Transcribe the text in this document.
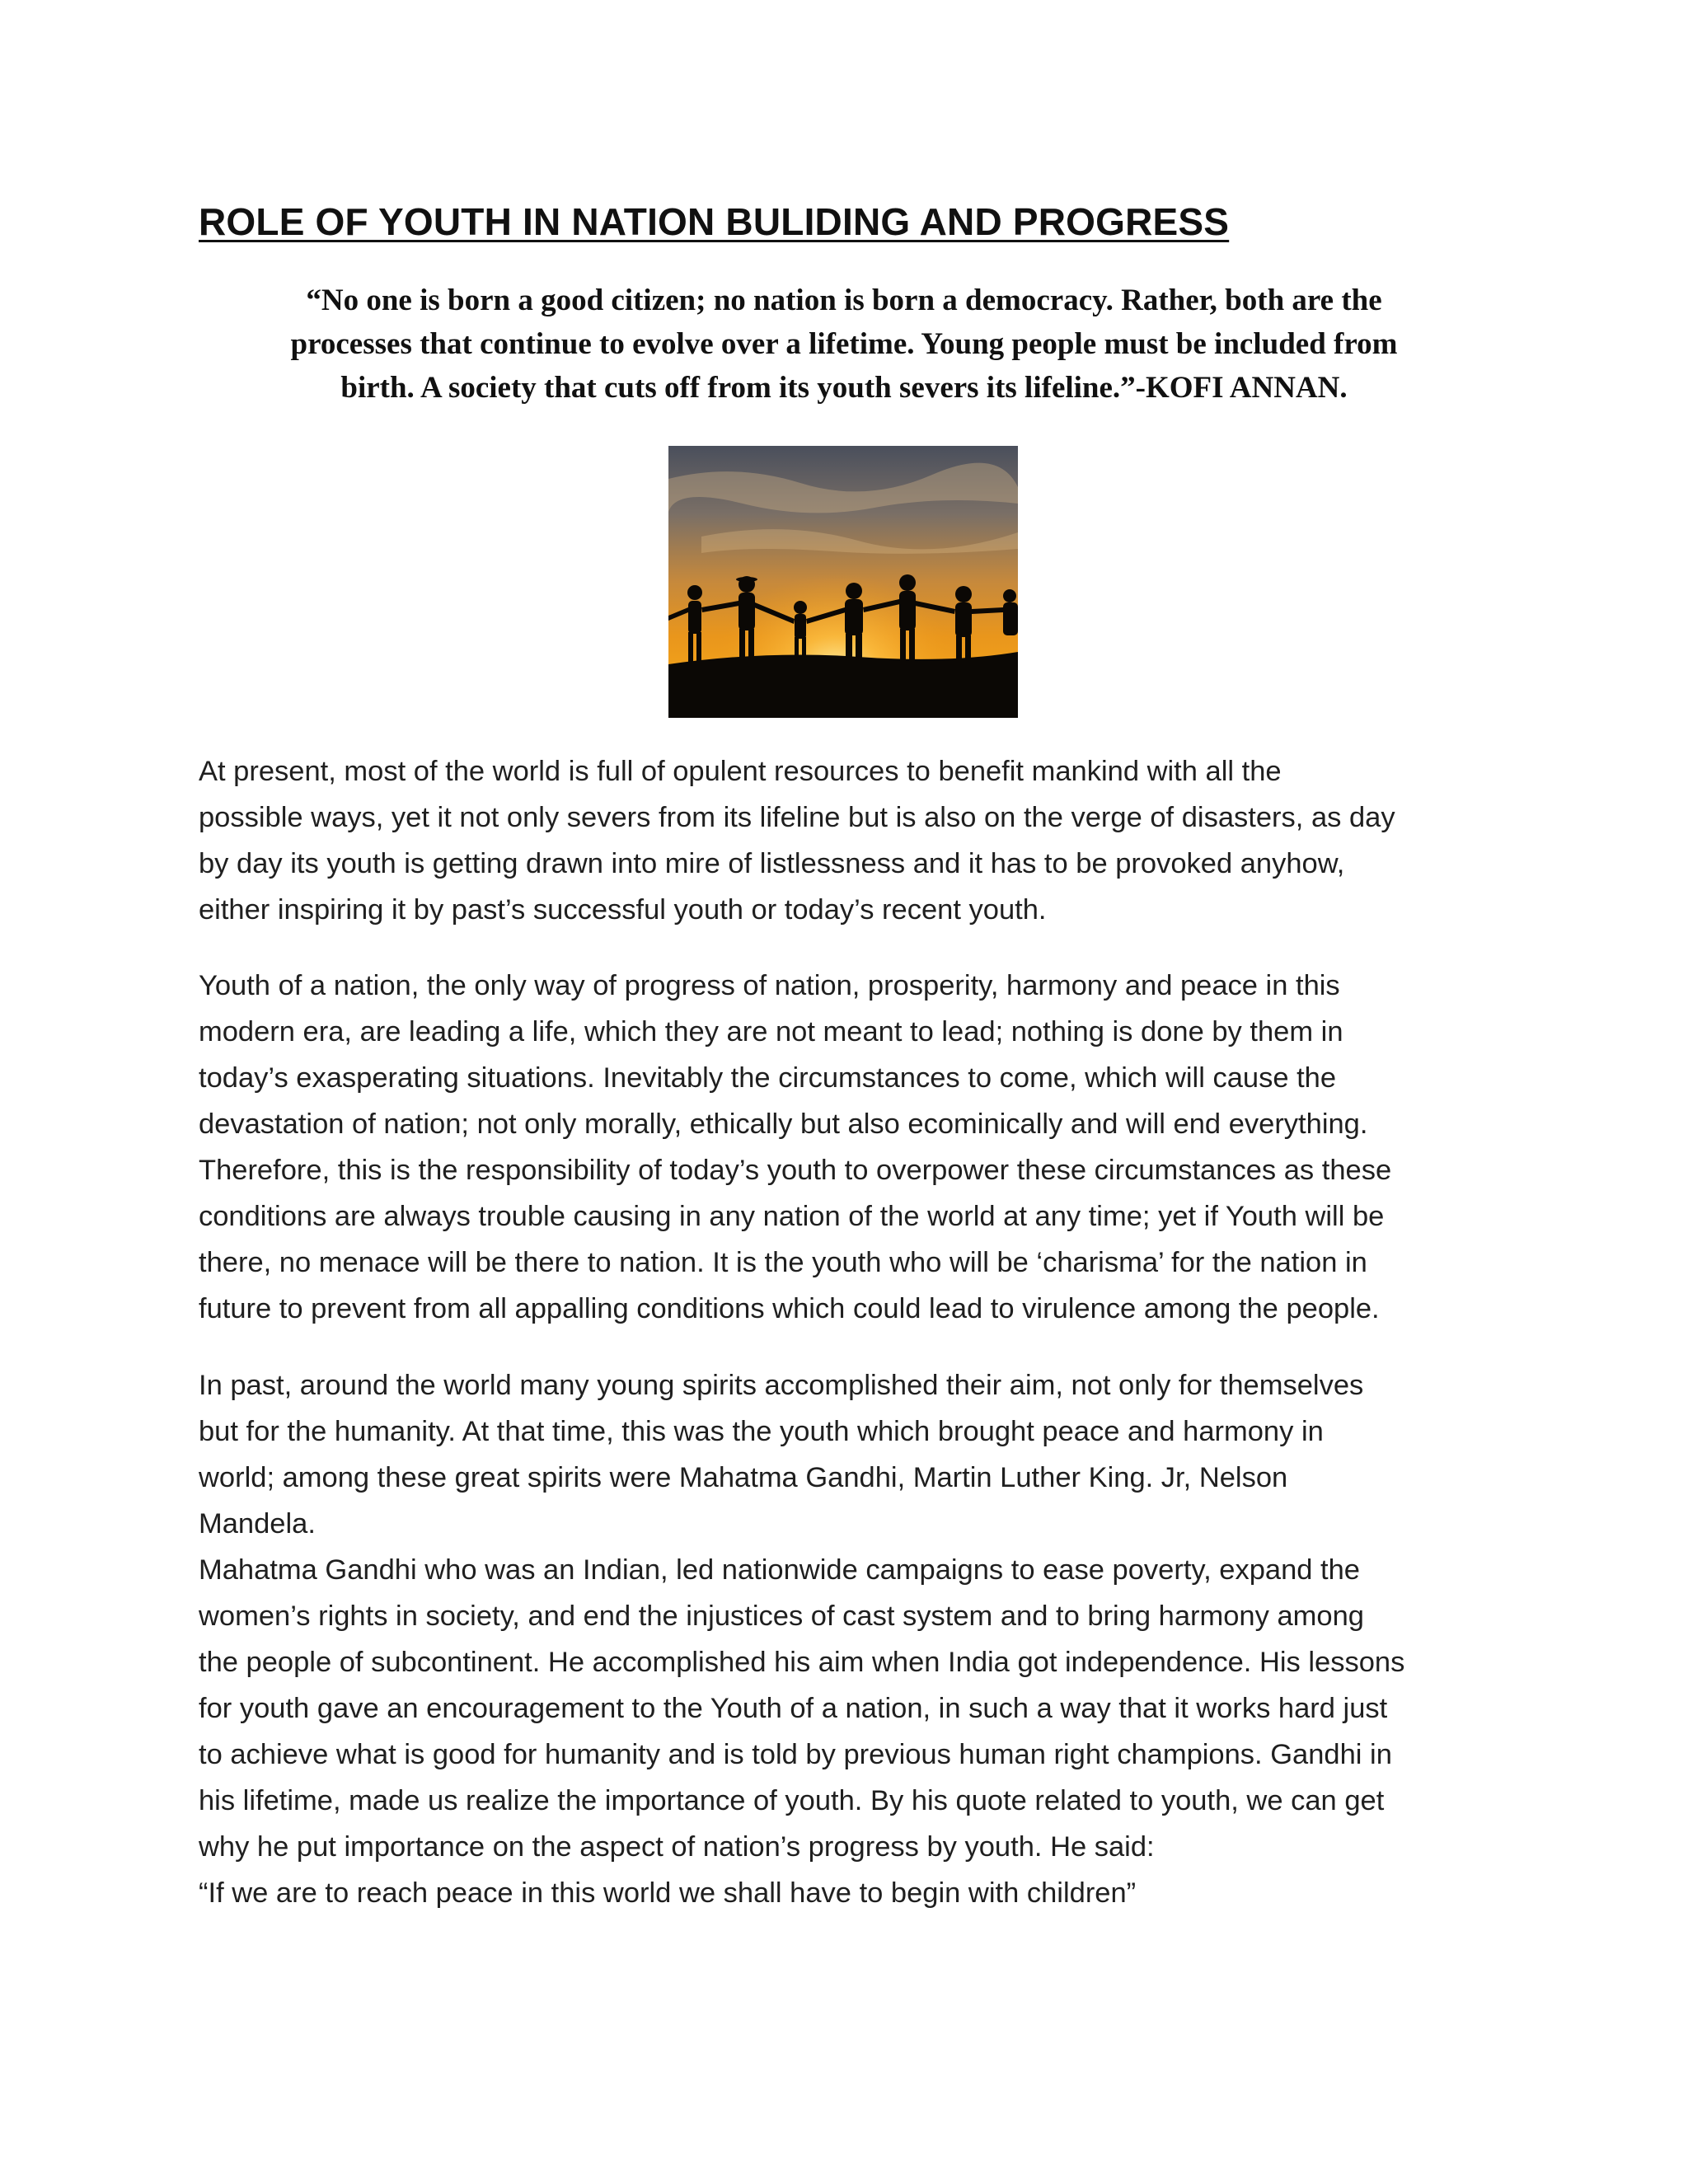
ROLE OF YOUTH IN NATION BULIDING AND PROGRESS

“No one is born a good citizen; no nation is born a democracy. Rather, both are the
processes that continue to evolve over a lifetime. Young people must be included from
birth. A society that cuts off from its youth severs its lifeline.”-KOFI ANNAN.

At present, most of the world is full of opulent resources to benefit mankind with all the
possible ways, yet it not only severs from its lifeline but is also on the verge of disasters, as day
by day its youth is getting drawn into mire of listlessness and it has to be provoked anyhow,
either inspiring it by past’s successful youth or today’s recent youth.

Youth of a nation, the only way of progress of nation, prosperity, harmony and peace in this
modern era, are leading a life, which they are not meant to lead; nothing is done by them in
today’s exasperating situations. Inevitably the circumstances to come, which will cause the
devastation of nation; not only morally, ethically but also ecominically and will end everything.
Therefore, this is the responsibility of today’s youth to overpower these circumstances as these
conditions are always trouble causing in any nation of the world at any time; yet if Youth will be
there, no menace will be there to nation. It is the youth who will be ‘charisma’ for the nation in
future to prevent from all appalling conditions which could lead to virulence among the people.

In past, around the world many young spirits accomplished their aim, not only for themselves
but for the humanity. At that time, this was the youth which brought peace and harmony in
world; among these great spirits were Mahatma Gandhi, Martin Luther King. Jr, Nelson
Mandela.
Mahatma Gandhi who was an Indian, led nationwide campaigns to ease poverty, expand the
women’s rights in society, and end the injustices of cast system and to bring harmony among
the people of subcontinent. He accomplished his aim when India got independence. His lessons
for youth gave an encouragement to the Youth of a nation, in such a way that it works hard just
to achieve what is good for humanity and is told by previous human right champions. Gandhi in
his lifetime, made us realize the importance of youth. By his quote related to youth, we can get
why he put importance on the aspect of nation’s progress by youth. He said:
“If we are to reach peace in this world we shall have to begin with children”
